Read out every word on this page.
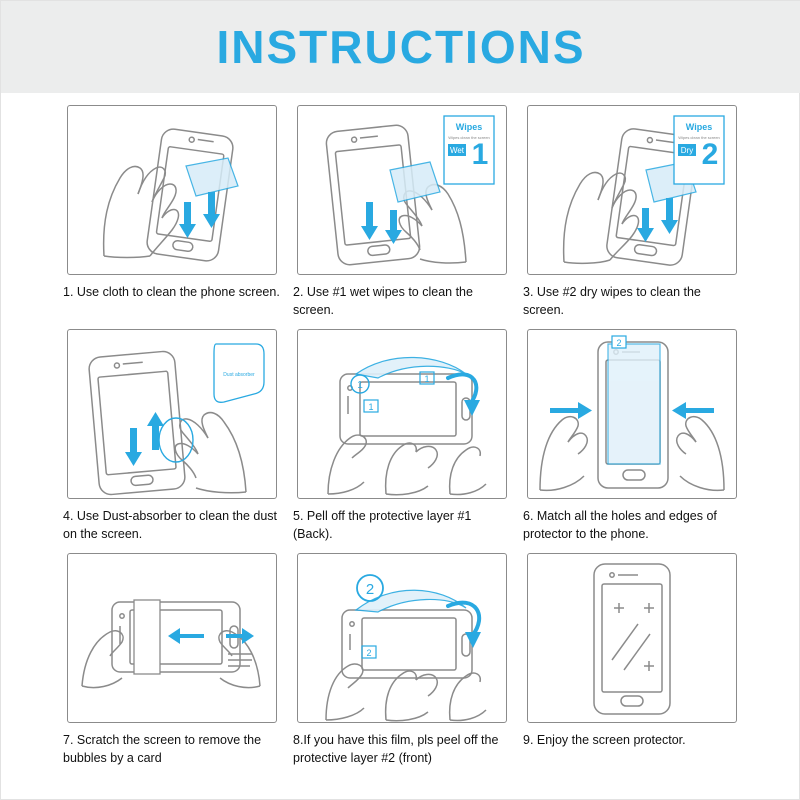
INSTRUCTIONS
1. Use cloth to clean the phone screen.
Wipes
Wipes clean the screen
Wet 1
2. Use #1 wet wipes to clean the screen.
Wipes
Wipes clean the screen
Dry 2
3. Use #2 dry wipes to clean the screen.
Dust absorber
4. Use Dust-absorber to clean the dust on the screen.
1
1
1
5. Pell off the protective layer #1 (Back).
2
6. Match all the holes and edges of protector to the phone.
7. Scratch the screen to remove the bubbles by a card
2
2
8.If you have this film, pls peel off the protective layer #2 (front)
9. Enjoy the screen protector.
